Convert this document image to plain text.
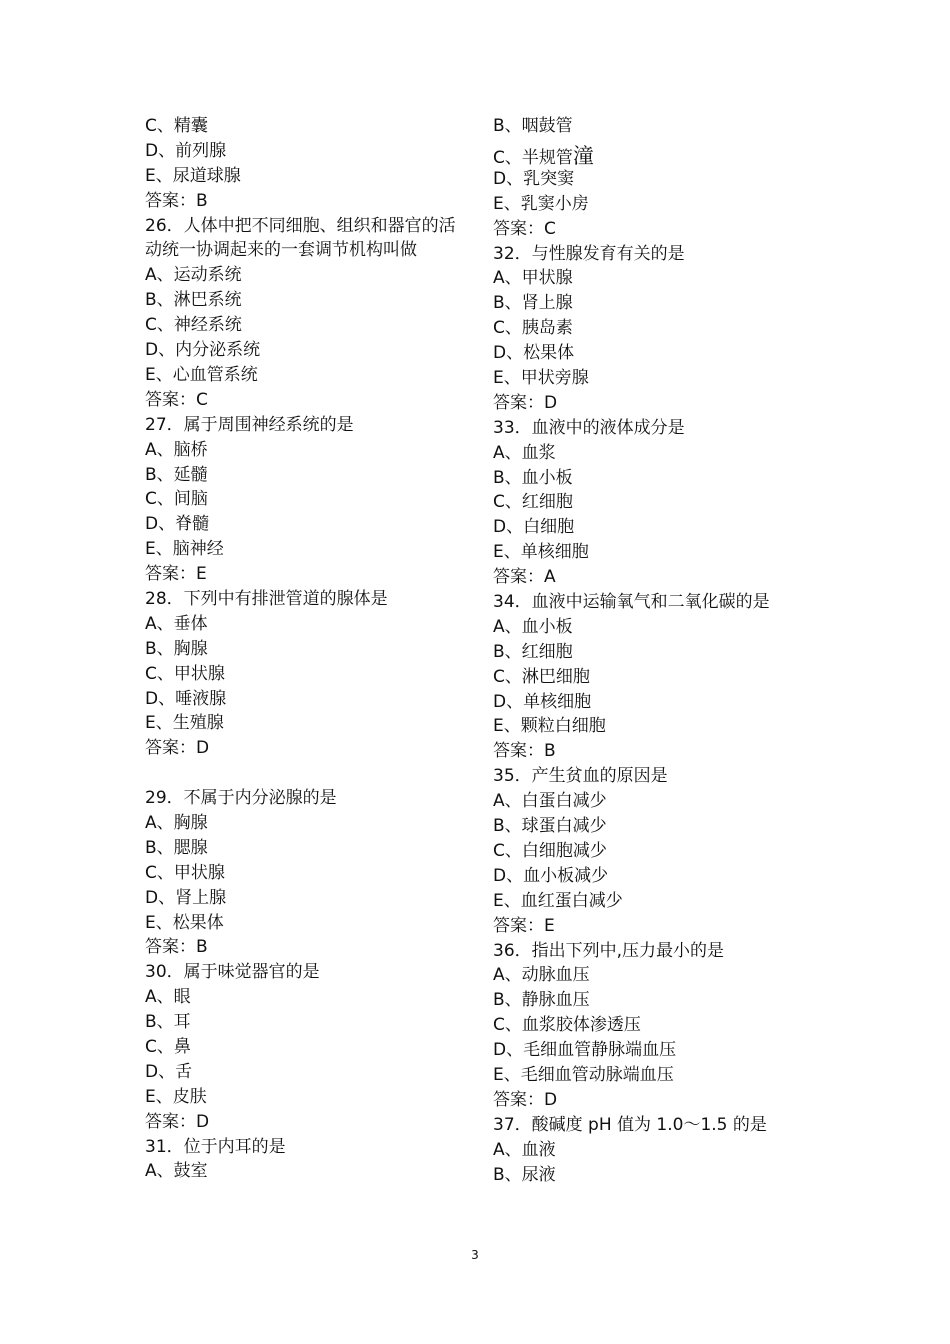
C、精囊
D、前列腺
E、尿道球腺
答案：B
26．人体中把不同细胞、组织和器官的活动统一协调起来的一套调节机构叫做
A、运动系统
B、淋巴系统
C、神经系统
D、内分泌系统
E、心血管系统
答案：C
27．属于周围神经系统的是
A、脑桥
B、延髓
C、间脑
D、脊髓
E、脑神经
答案：E
28．下列中有排泄管道的腺体是
A、垂体
B、胸腺
C、甲状腺
D、唾液腺
E、生殖腺
答案：D
29．不属于内分泌腺的是
A、胸腺
B、腮腺
C、甲状腺
D、肾上腺
E、松果体
答案：B
30．属于味觉器官的是
A、眼
B、耳
C、鼻
D、舌
E、皮肤
答案：D
31．位于内耳的是
A、鼓室
B、咽鼓管
C、半规管潼
D、乳突窦
E、乳窦小房
答案：C
32．与性腺发育有关的是
A、甲状腺
B、肾上腺
C、胰岛素
D、松果体
E、甲状旁腺
答案：D
33．血液中的液体成分是
A、血浆
B、血小板
C、红细胞
D、白细胞
E、单核细胞
答案：A
34．血液中运输氧气和二氧化碳的是
A、血小板
B、红细胞
C、淋巴细胞
D、单核细胞
E、颗粒白细胞
答案：B
35．产生贫血的原因是
A、白蛋白减少
B、球蛋白减少
C、白细胞减少
D、血小板减少
E、血红蛋白减少
答案：E
36．指出下列中,压力最小的是
A、动脉血压
B、静脉血压
C、血浆胶体渗透压
D、毛细血管静脉端血压
E、毛细血管动脉端血压
答案：D
37．酸碱度 pH 值为 1.0～1.5 的是
A、血液
B、尿液
3
